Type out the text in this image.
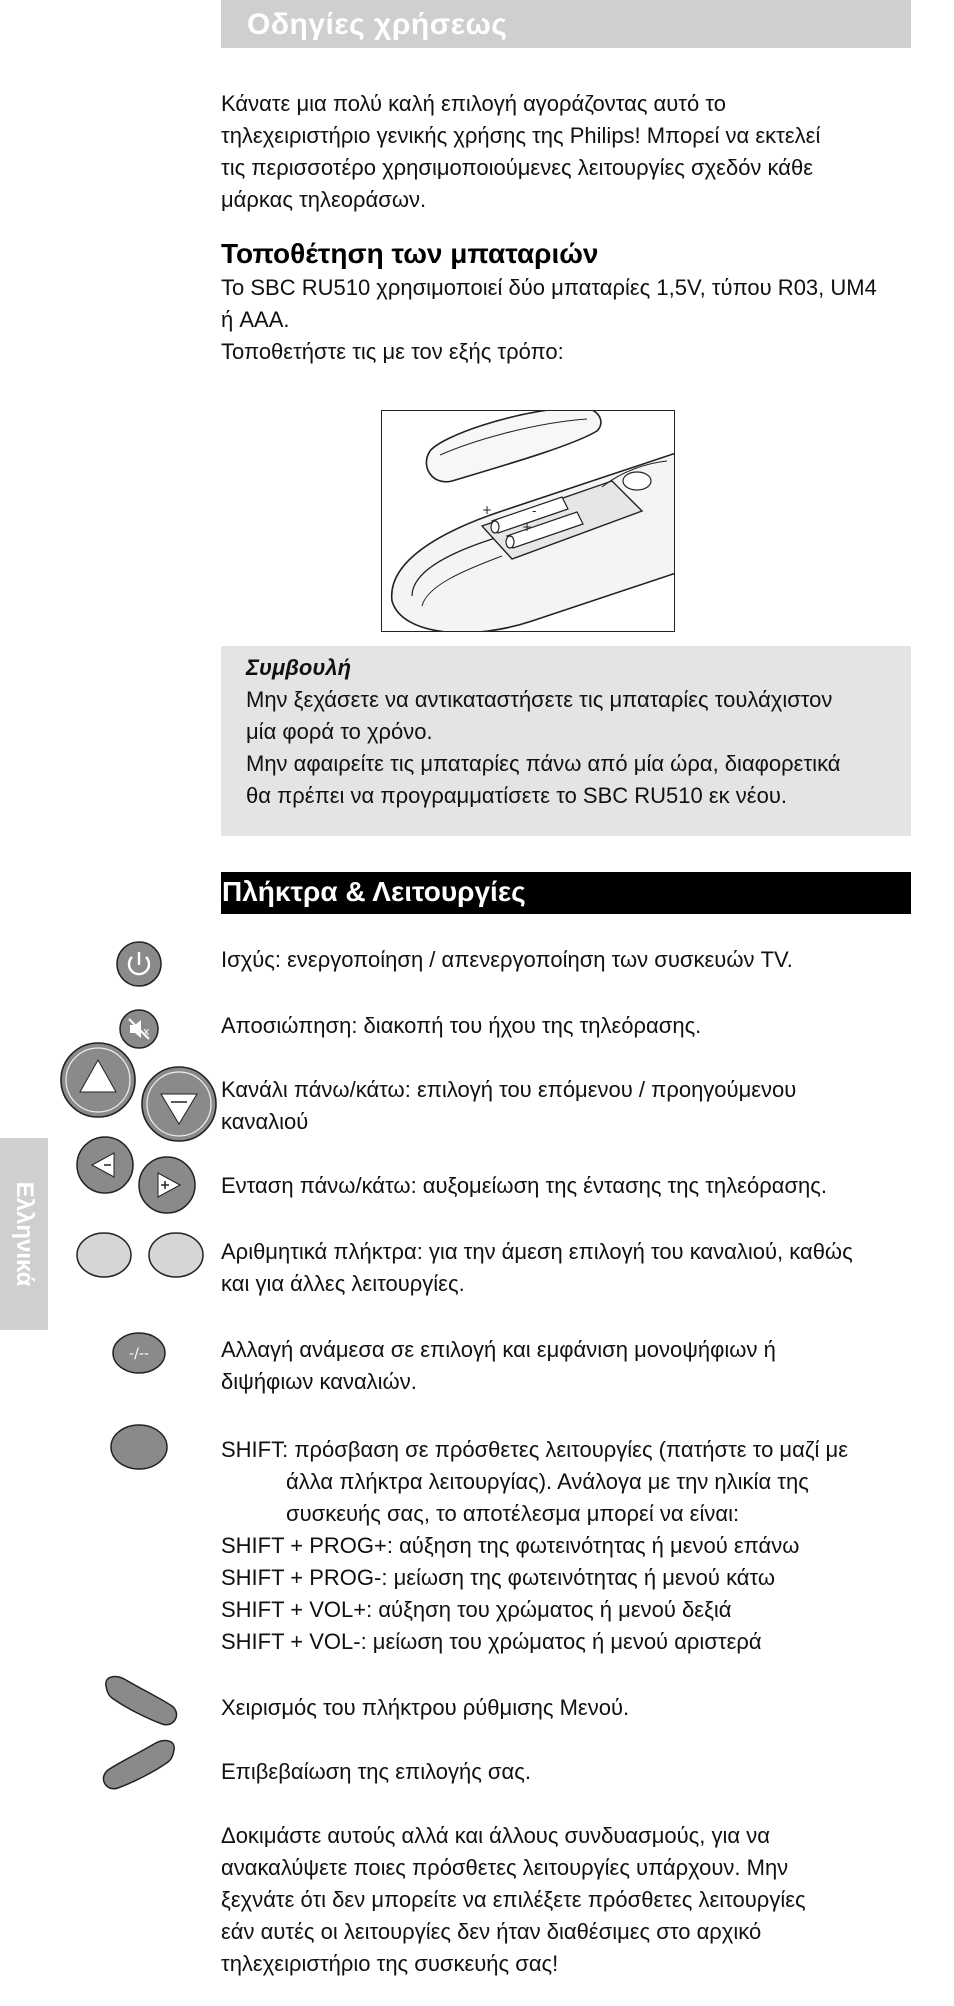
Οδηγίες χρήσεως

Κάνατε μια πολύ καλή επιλογή αγοράζοντας αυτό το

τηλεχειριστήριο γενικής χρήσης της Philips! Μπορεί να εκτελεί

τις περισσοτέρο χρησιμοποιούμενες λειτουργίες σχεδόν κάθε

μάρκας τηλεοράσων.

Τοποθέτηση των μπαταριών

Το SBC RU510 χρησιμοποιεί δύο μπαταρίες 1,5V, τύπου R03, UM4

ή AAA.

Τοποθετήστε τις με τον εξής τρόπο:

+	-
+

Συμβουλή

Μην ξεχάσετε να αντικαταστήσετε τις μπαταρίες τουλάχιστον

μία φορά το χρόνο.

Μην αφαιρείτε τις μπαταρίες πάνω από μία ώρα, διαφορετικά

θα πρέπει να προγραμματίσετε το SBC RU510 εκ νέου.

Πλήκτρα & Λειτουργίες
Ελληνικά

Ισχύς: ενεργοποίηση / απενεργοποίηση των συσκευών TV.

x	Αποσιώπηση: διακοπή του ήχου της τηλεόρασης.

Κανάλι πάνω/κάτω: επιλογή του επόμενου / προηγούμενου

καναλιού

Ενταση πάνω/κάτω: αυξομείωση της έντασης της τηλεόρασης.

Αριθμητικά πλήκτρα: για την άμεση επιλογή του καναλιού, καθώς

και για άλλες λειτουργίες.

-/--	Αλλαγή ανάμεσα σε επιλογή και εμφάνιση μονοψήφιων ή

διψήφιων καναλιών.

SHIFT: πρόσβαση σε πρόσθετες λειτουργίες (πατήστε το μαζί με

άλλα πλήκτρα λειτουργίας). Ανάλογα με την ηλικία της

συσκευής σας, το αποτέλεσμα μπορεί να είναι:

SHIFT + PROG+: αύξηση της φωτεινότητας ή μενού επάνω

SHIFT + PROG-: μείωση της φωτεινότητας ή μενού κάτω

SHIFT + VOL+: αύξηση του χρώματος ή μενού δεξιά

SHIFT + VOL-: μείωση του χρώματος ή μενού αριστερά

Χειρισμός του πλήκτρου ρύθμισης Μενού.

Επιβεβαίωση της επιλογής σας.

Δοκιμάστε αυτούς αλλά και άλλους συνδυασμούς, για να

ανακαλύψετε ποιες πρόσθετες λειτουργίες υπάρχουν. Μην

ξεχνάτε ότι δεν μπορείτε να επιλέξετε πρόσθετες λειτουργίες

εάν αυτές οι λειτουργίες δεν ήταν διαθέσιμες στο αρχικό

τηλεχειριστήριο της συσκευής σας!
